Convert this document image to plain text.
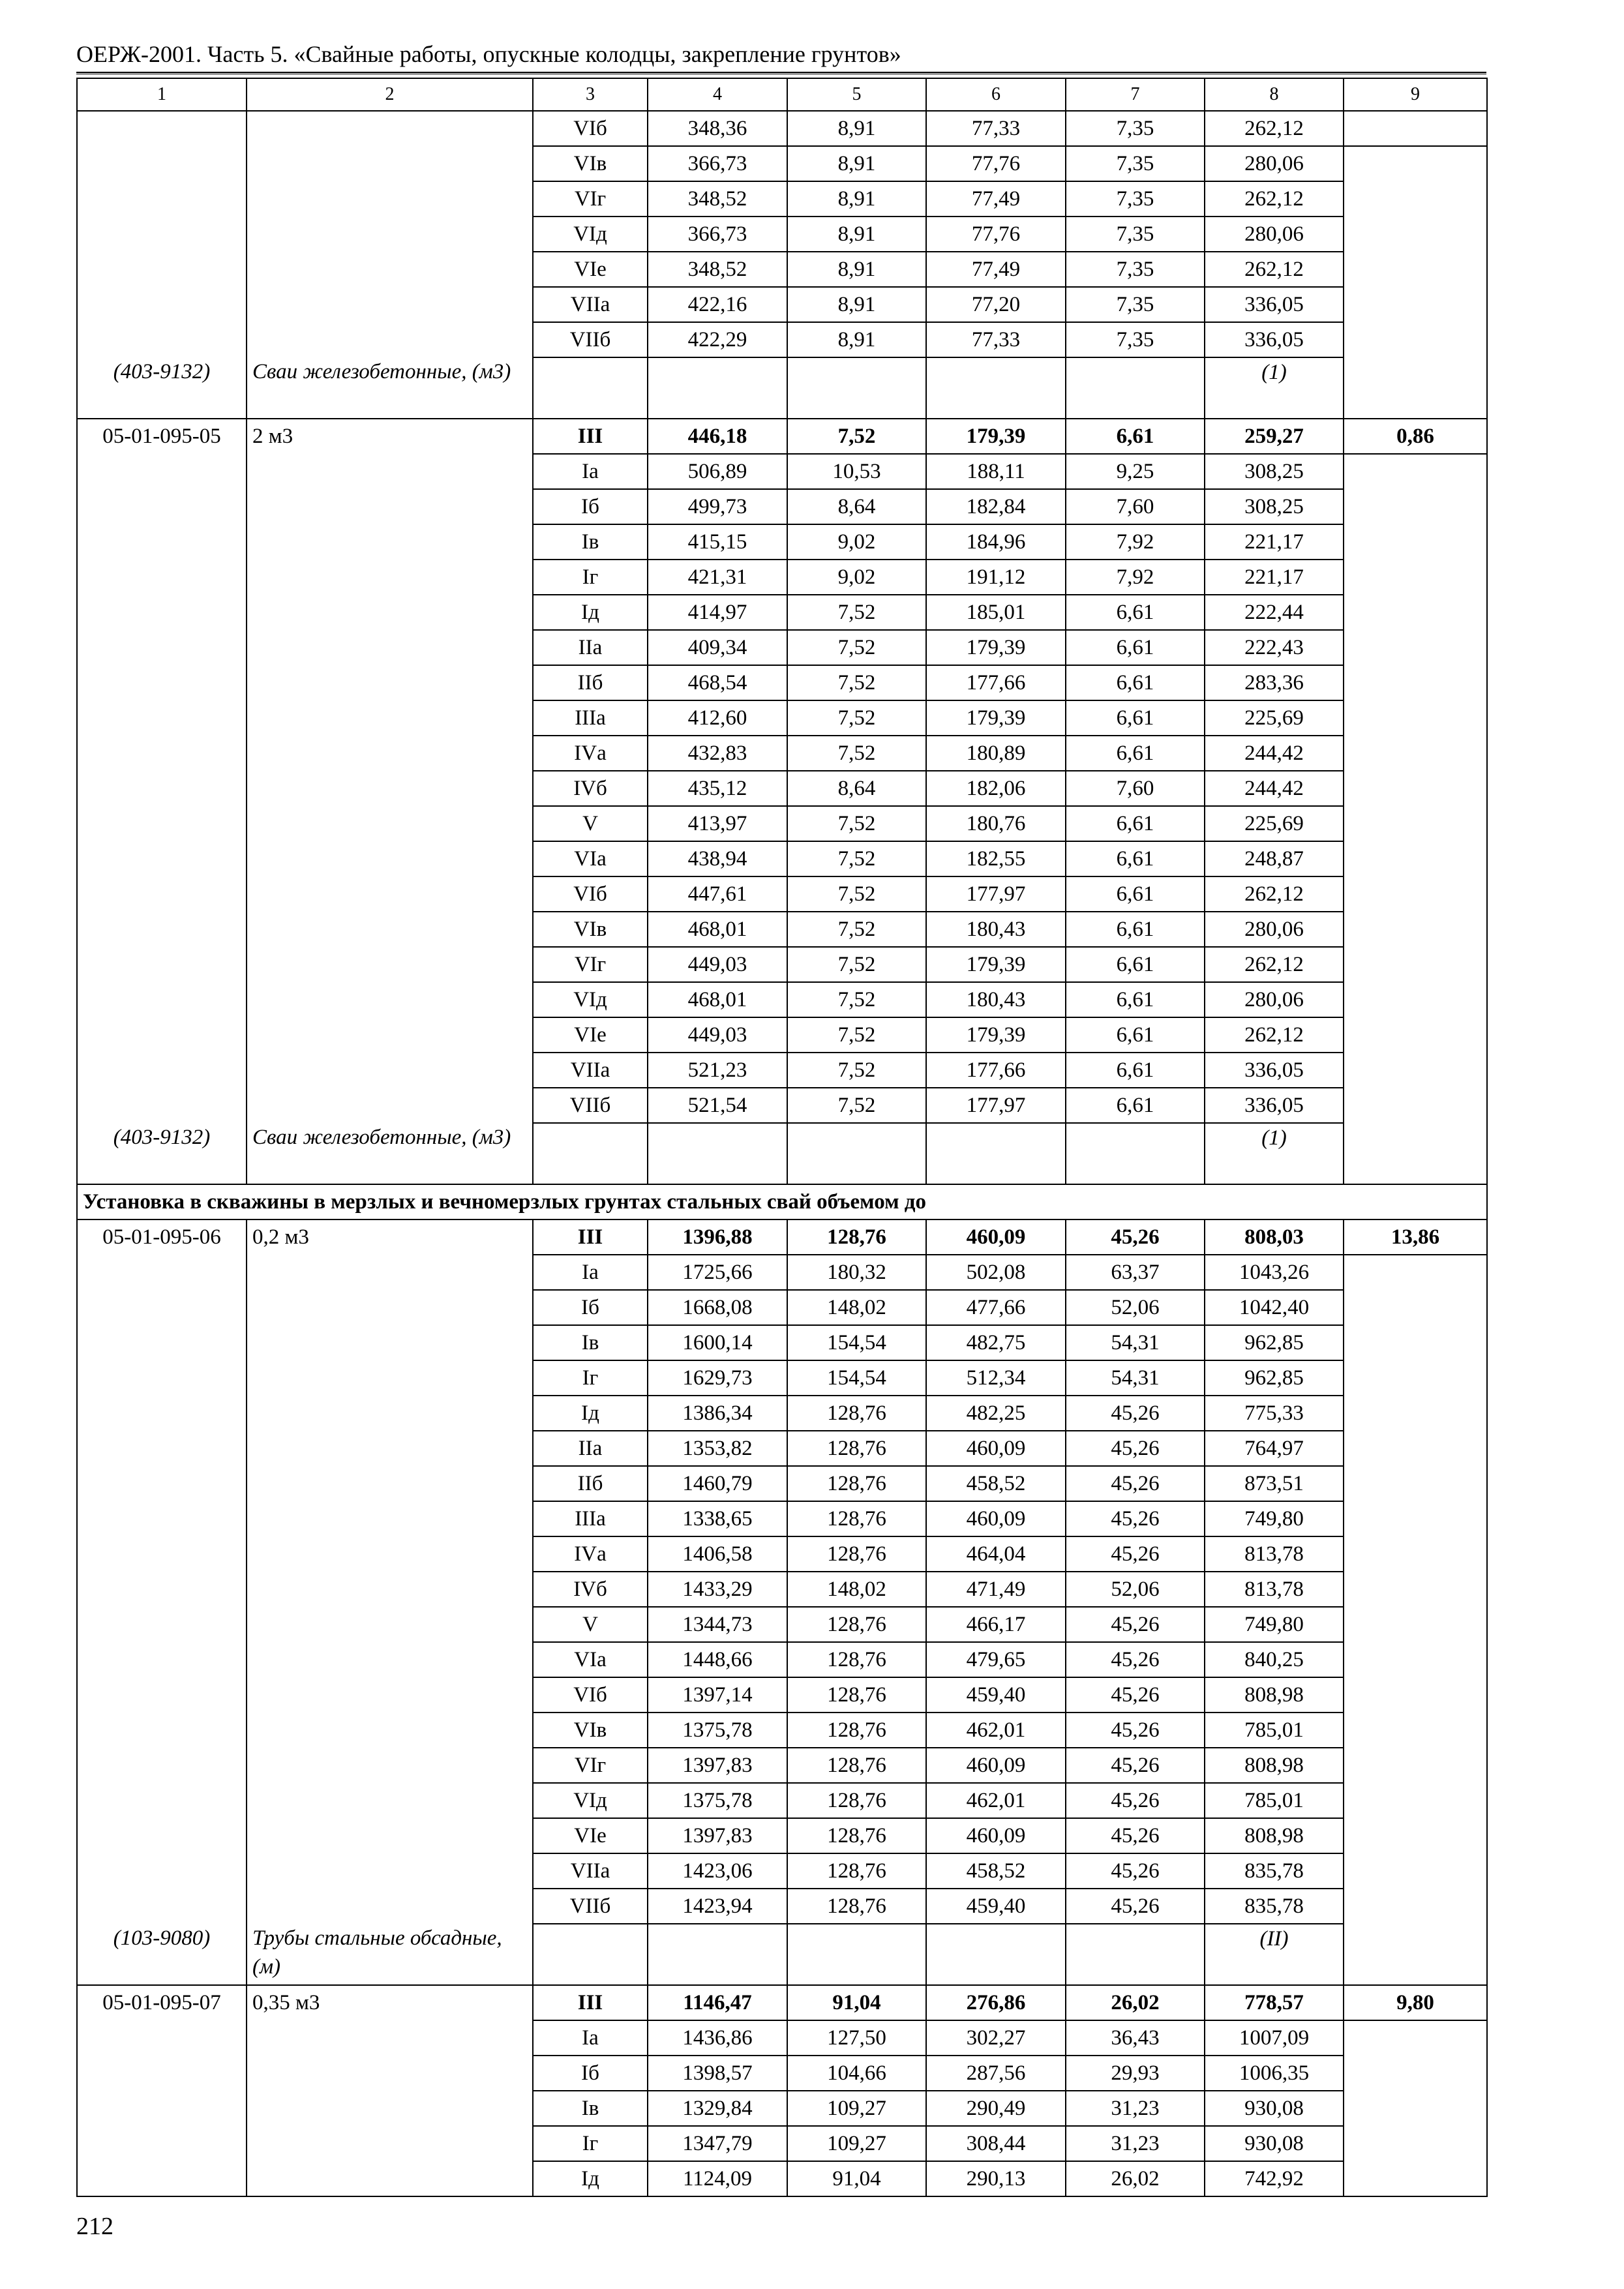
ОЕРЖ-2001. Часть 5. «Свайные работы, опускные колодцы, закрепление грунтов»
1	2	3	4	5	6	7	8	9
		VIб	348,36	8,91	77,33	7,35	262,12	
		VIв	366,73	8,91	77,76	7,35	280,06	
		VIг	348,52	8,91	77,49	7,35	262,12	
		VIд	366,73	8,91	77,76	7,35	280,06	
		VIе	348,52	8,91	77,49	7,35	262,12	
		VIIа	422,16	8,91	77,20	7,35	336,05	
		VIIб	422,29	8,91	77,33	7,35	336,05	
(403-9132)	Сваи железобетонные, (м3)						(1)	
05-01-095-05	2 м3	III	446,18	7,52	179,39	6,61	259,27	0,86
		Iа	506,89	10,53	188,11	9,25	308,25	
		Iб	499,73	8,64	182,84	7,60	308,25	
		Iв	415,15	9,02	184,96	7,92	221,17	
		Iг	421,31	9,02	191,12	7,92	221,17	
		Iд	414,97	7,52	185,01	6,61	222,44	
		IIа	409,34	7,52	179,39	6,61	222,43	
		IIб	468,54	7,52	177,66	6,61	283,36	
		IIIа	412,60	7,52	179,39	6,61	225,69	
		IVа	432,83	7,52	180,89	6,61	244,42	
		IVб	435,12	8,64	182,06	7,60	244,42	
		V	413,97	7,52	180,76	6,61	225,69	
		VIа	438,94	7,52	182,55	6,61	248,87	
		VIб	447,61	7,52	177,97	6,61	262,12	
		VIв	468,01	7,52	180,43	6,61	280,06	
		VIг	449,03	7,52	179,39	6,61	262,12	
		VIд	468,01	7,52	180,43	6,61	280,06	
		VIе	449,03	7,52	179,39	6,61	262,12	
		VIIа	521,23	7,52	177,66	6,61	336,05	
		VIIб	521,54	7,52	177,97	6,61	336,05	
(403-9132)	Сваи железобетонные, (м3)						(1)	
Установка в скважины в мерзлых и вечномерзлых грунтах стальных свай объемом до								
05-01-095-06	0,2 м3	III	1396,88	128,76	460,09	45,26	808,03	13,86
		Iа	1725,66	180,32	502,08	63,37	1043,26	
		Iб	1668,08	148,02	477,66	52,06	1042,40	
		Iв	1600,14	154,54	482,75	54,31	962,85	
		Iг	1629,73	154,54	512,34	54,31	962,85	
		Iд	1386,34	128,76	482,25	45,26	775,33	
		IIа	1353,82	128,76	460,09	45,26	764,97	
		IIб	1460,79	128,76	458,52	45,26	873,51	
		IIIа	1338,65	128,76	460,09	45,26	749,80	
		IVа	1406,58	128,76	464,04	45,26	813,78	
		IVб	1433,29	148,02	471,49	52,06	813,78	
		V	1344,73	128,76	466,17	45,26	749,80	
		VIа	1448,66	128,76	479,65	45,26	840,25	
		VIб	1397,14	128,76	459,40	45,26	808,98	
		VIв	1375,78	128,76	462,01	45,26	785,01	
		VIг	1397,83	128,76	460,09	45,26	808,98	
		VIд	1375,78	128,76	462,01	45,26	785,01	
		VIе	1397,83	128,76	460,09	45,26	808,98	
		VIIа	1423,06	128,76	458,52	45,26	835,78	
		VIIб	1423,94	128,76	459,40	45,26	835,78	
(103-9080)	Трубы стальные обсадные, (м)						(II)	
05-01-095-07	0,35 м3	III	1146,47	91,04	276,86	26,02	778,57	9,80
		Iа	1436,86	127,50	302,27	36,43	1007,09	
		Iб	1398,57	104,66	287,56	29,93	1006,35	
		Iв	1329,84	109,27	290,49	31,23	930,08	
		Iг	1347,79	109,27	308,44	31,23	930,08	
		Iд	1124,09	91,04	290,13	26,02	742,92	
212
